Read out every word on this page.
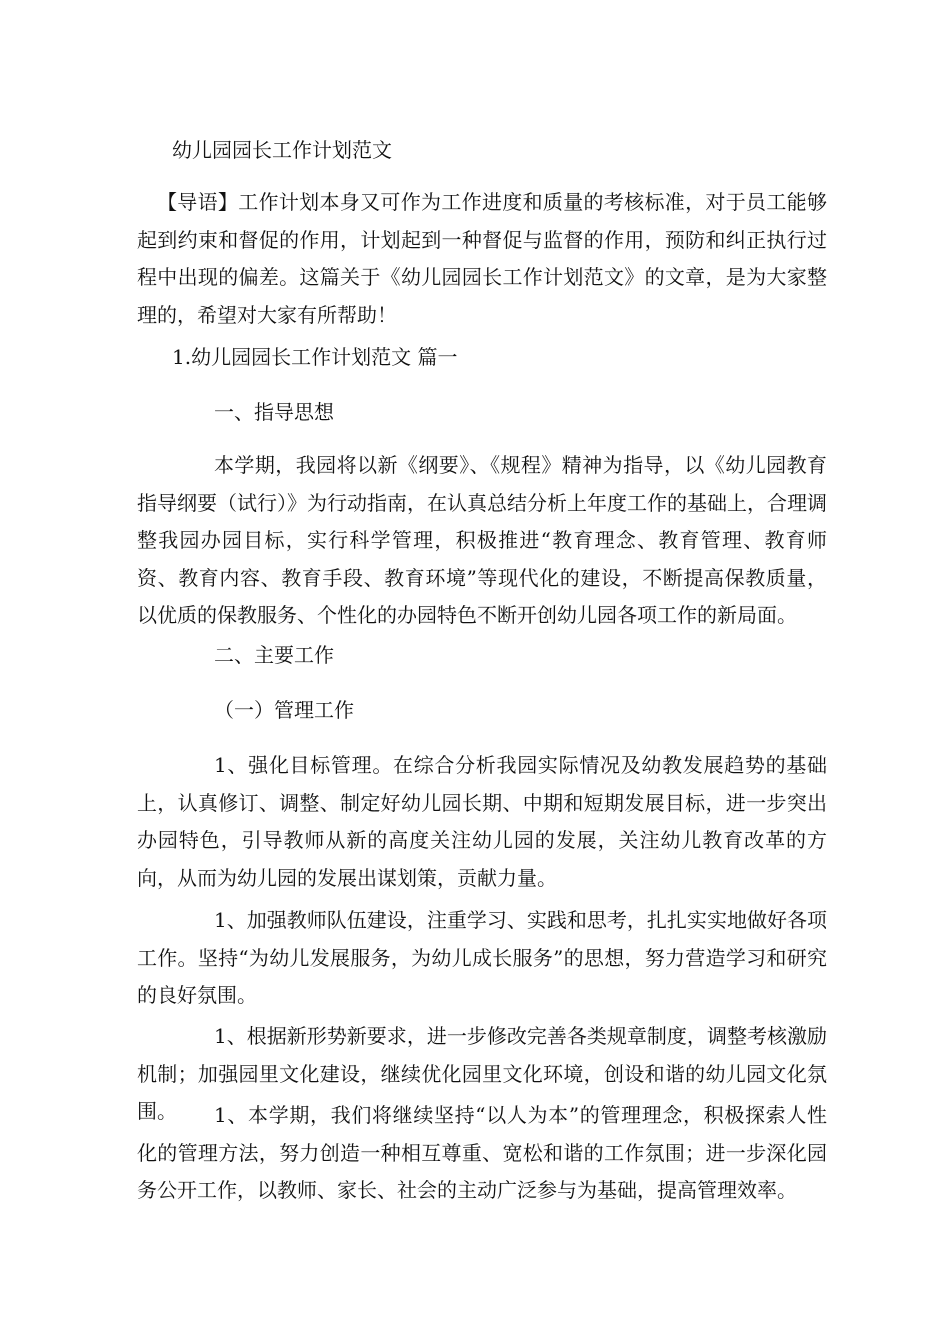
幼儿园园长工作计划范文
【导语】工作计划本身又可作为工作进度和质量的考核标准，对于员工能够起到约束和督促的作用，计划起到一种督促与监督的作用，预防和纠正执行过程中出现的偏差。这篇关于《幼儿园园长工作计划范文》的文章，是为大家整理的，希望对大家有所帮助！
1.幼儿园园长工作计划范文 篇一
一、指导思想
本学期，我园将以新《纲要》、《规程》精神为指导，以《幼儿园教育指导纲要（试行）》为行动指南，在认真总结分析上年度工作的基础上，合理调整我园办园目标，实行科学管理，积极推进“教育理念、教育管理、教育师资、教育内容、教育手段、教育环境”等现代化的建设，不断提高保教质量，以优质的保教服务、个性化的办园特色不断开创幼儿园各项工作的新局面。
二、主要工作
（一）管理工作
1、强化目标管理。在综合分析我园实际情况及幼教发展趋势的基础上，认真修订、调整、制定好幼儿园长期、中期和短期发展目标，进一步突出办园特色，引导教师从新的高度关注幼儿园的发展，关注幼儿教育改革的方向，从而为幼儿园的发展出谋划策，贡献力量。
1、加强教师队伍建设，注重学习、实践和思考，扎扎实实地做好各项工作。坚持“为幼儿发展服务，为幼儿成长服务”的思想，努力营造学习和研究的良好氛围。
1、根据新形势新要求，进一步修改完善各类规章制度，调整考核激励机制；加强园里文化建设，继续优化园里文化环境，创设和谐的幼儿园文化氛围。	1、本学期，我们将继续坚持“以人为本”的管理理念，积极探索人性化的管理方法，努力创造一种相互尊重、宽松和谐的工作氛围；进一步深化园务公开工作，以教师、家长、社会的主动广泛参与为基础，提高管理效率。
